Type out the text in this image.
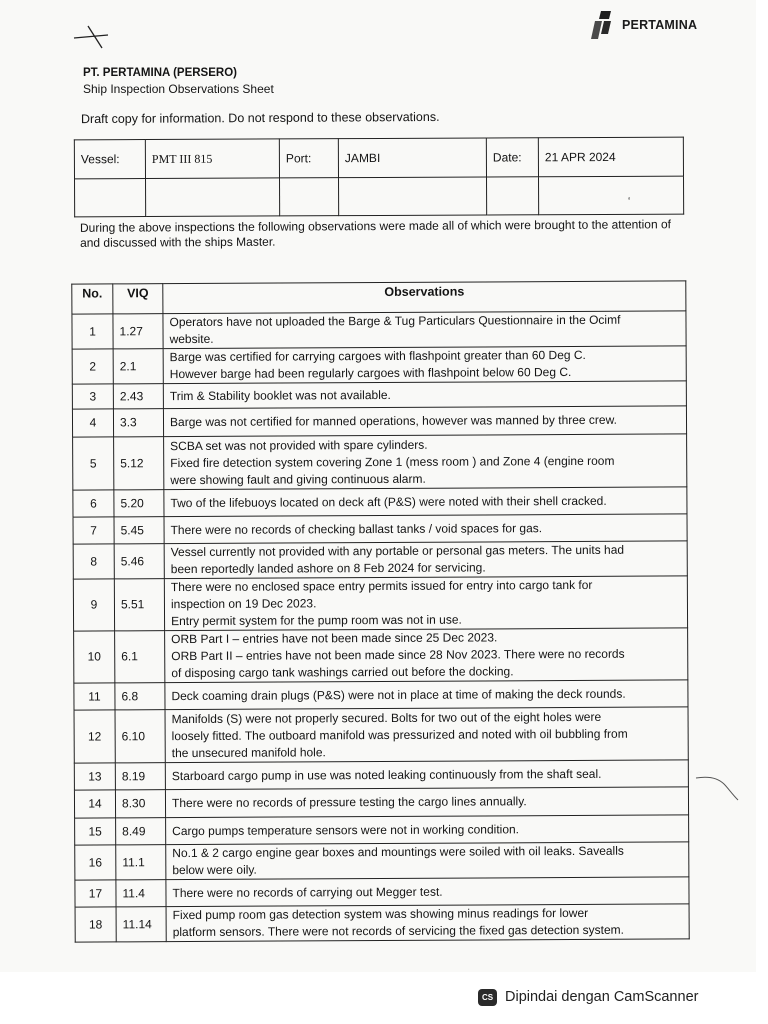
PERTAMINA
PT. PERTAMINA (PERSERO)
Ship Inspection Observations Sheet
Draft copy for information. Do not respond to these observations.
Vessel:	PMT III 815	Port:	JAMBI	Date:	21 APR 2024

‘
During the above inspections the following observations were made all of which were brought to the attention of and discussed with the ships Master.
No.	VIQ	Observations
1	1.27	Operators have not uploaded the Barge & Tug Particulars Questionnaire in the Ocimf
website.

2	2.1	Barge was certified for carrying cargoes with flashpoint greater than 60 Deg C.
However barge had been regularly cargoes with flashpoint below 60 Deg C.

3	2.43	Trim & Stability booklet was not available.

4	3.3	Barge was not certified for manned operations, however was manned by three crew.

5	5.12	SCBA set was not provided with spare cylinders.
Fixed fire detection system covering Zone 1 (mess room ) and Zone 4 (engine room
were showing fault and giving continuous alarm.

6	5.20	Two of the lifebuoys located on deck aft (P&S) were noted with their shell cracked.

7	5.45	There were no records of checking ballast tanks / void spaces for gas.

8	5.46	Vessel currently not provided with any portable or personal gas meters. The units had
been reportedly landed ashore on 8 Feb 2024 for servicing.

9	5.51	There were no enclosed space entry permits issued for entry into cargo tank for
inspection on 19 Dec 2023.
Entry permit system for the pump room was not in use.

10	6.1	ORB Part I – entries have not been made since 25 Dec 2023.
ORB Part II – entries have not been made since 28 Nov 2023. There were no records
of disposing cargo tank washings carried out before the docking.

11	6.8	Deck coaming drain plugs (P&S) were not in place at time of making the deck rounds.

12	6.10	Manifolds (S) were not properly secured. Bolts for two out of the eight holes were
loosely fitted. The outboard manifold was pressurized and noted with oil bubbling from
the unsecured manifold hole.

13	8.19	Starboard cargo pump in use was noted leaking continuously from the shaft seal.

14	8.30	There were no records of pressure testing the cargo lines annually.

15	8.49	Cargo pumps temperature sensors were not in working condition.

16	11.1	No.1 & 2 cargo engine gear boxes and mountings were soiled with oil leaks. Savealls
below were oily.

17	11.4	There were no records of carrying out Megger test.

18	11.14	Fixed pump room gas detection system was showing minus readings for lower
platform sensors. There were not records of servicing the fixed gas detection system.
CS Dipindai dengan CamScanner
